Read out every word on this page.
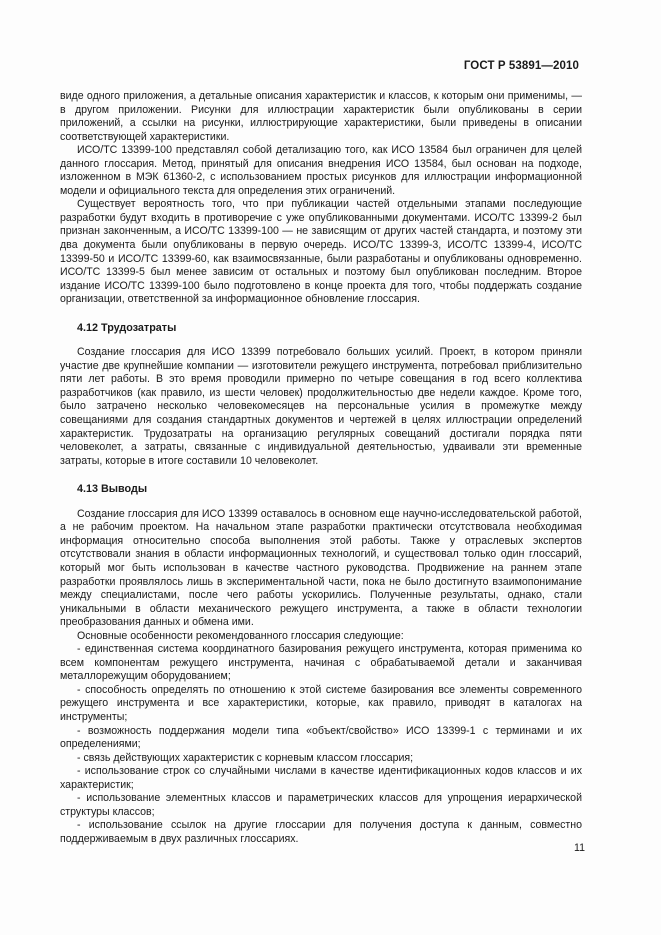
ГОСТ Р 53891—2010

виде одного приложения, а детальные описания характеристик и классов, к которым они применимы, — в другом приложении. Рисунки для иллюстрации характеристик были опубликованы в серии приложений, а ссылки на рисунки, иллюстрирующие характеристики, были приведены в описании соответствующей характеристики.

ИСО/ТС 13399-100 представлял собой детализацию того, как ИСО 13584 был ограничен для целей данного глоссария. Метод, принятый для описания внедрения ИСО 13584, был основан на подходе, изложенном в МЭК 61360-2, с использованием простых рисунков для иллюстрации информационной модели и официального текста для определения этих ограничений.

Существует вероятность того, что при публикации частей отдельными этапами последующие разработки будут входить в противоречие с уже опубликованными документами. ИСО/ТС 13399-2 был признан законченным, а ИСО/ТС 13399-100 — не зависящим от других частей стандарта, и поэтому эти два документа были опубликованы в первую очередь. ИСО/ТС 13399-3, ИСО/ТС 13399-4, ИСО/ТС 13399-50 и ИСО/ТС 13399-60, как взаимосвязанные, были разработаны и опубликованы одновременно. ИСО/ТС 13399-5 был менее зависим от остальных и поэтому был опубликован последним. Второе издание ИСО/ТС 13399-100 было подготовлено в конце проекта для того, чтобы поддержать создание организации, ответственной за информационное обновление глоссария.

4.12 Трудозатраты

Создание глоссария для ИСО 13399 потребовало больших усилий. Проект, в котором приняли участие две крупнейшие компании — изготовители режущего инструмента, потребовал приблизительно пяти лет работы. В это время проводили примерно по четыре совещания в год всего коллектива разработчиков (как правило, из шести человек) продолжительностью две недели каждое. Кроме того, было затрачено несколько человекомесяцев на персональные усилия в промежутке между совещаниями для создания стандартных документов и чертежей в целях иллюстрации определений характеристик. Трудозатраты на организацию регулярных совещаний достигали порядка пяти человеколет, а затраты, связанные с индивидуальной деятельностью, удваивали эти временные затраты, которые в итоге составили 10 человеколет.

4.13 Выводы

Создание глоссария для ИСО 13399 оставалось в основном еще научно-исследовательской работой, а не рабочим проектом. На начальном этапе разработки практически отсутствовала необходимая информация относительно способа выполнения этой работы. Также у отраслевых экспертов отсутствовали знания в области информационных технологий, и существовал только один глоссарий, который мог быть использован в качестве частного руководства. Продвижение на раннем этапе разработки проявлялось лишь в экспериментальной части, пока не было достигнуто взаимопонимание между специалистами, после чего работы ускорились. Полученные результаты, однако, стали уникальными в области механического режущего инструмента, а также в области технологии преобразования данных и обмена ими.

Основные особенности рекомендованного глоссария следующие:

- единственная система координатного базирования режущего инструмента, которая применима ко всем компонентам режущего инструмента, начиная с обрабатываемой детали и заканчивая металлорежущим оборудованием;

- способность определять по отношению к этой системе базирования все элементы современного режущего инструмента и все характеристики, которые, как правило, приводят в каталогах на инструменты;

- возможность поддержания модели типа «объект/свойство» ИСО 13399-1 с терминами и их определениями;

- связь действующих характеристик с корневым классом глоссария;

- использование строк со случайными числами в качестве идентификационных кодов классов и их характеристик;

- использование элементных классов и параметрических классов для упрощения иерархической структуры классов;

- использование ссылок на другие глоссарии для получения доступа к данным, совместно поддерживаемым в двух различных глоссариях.

11
